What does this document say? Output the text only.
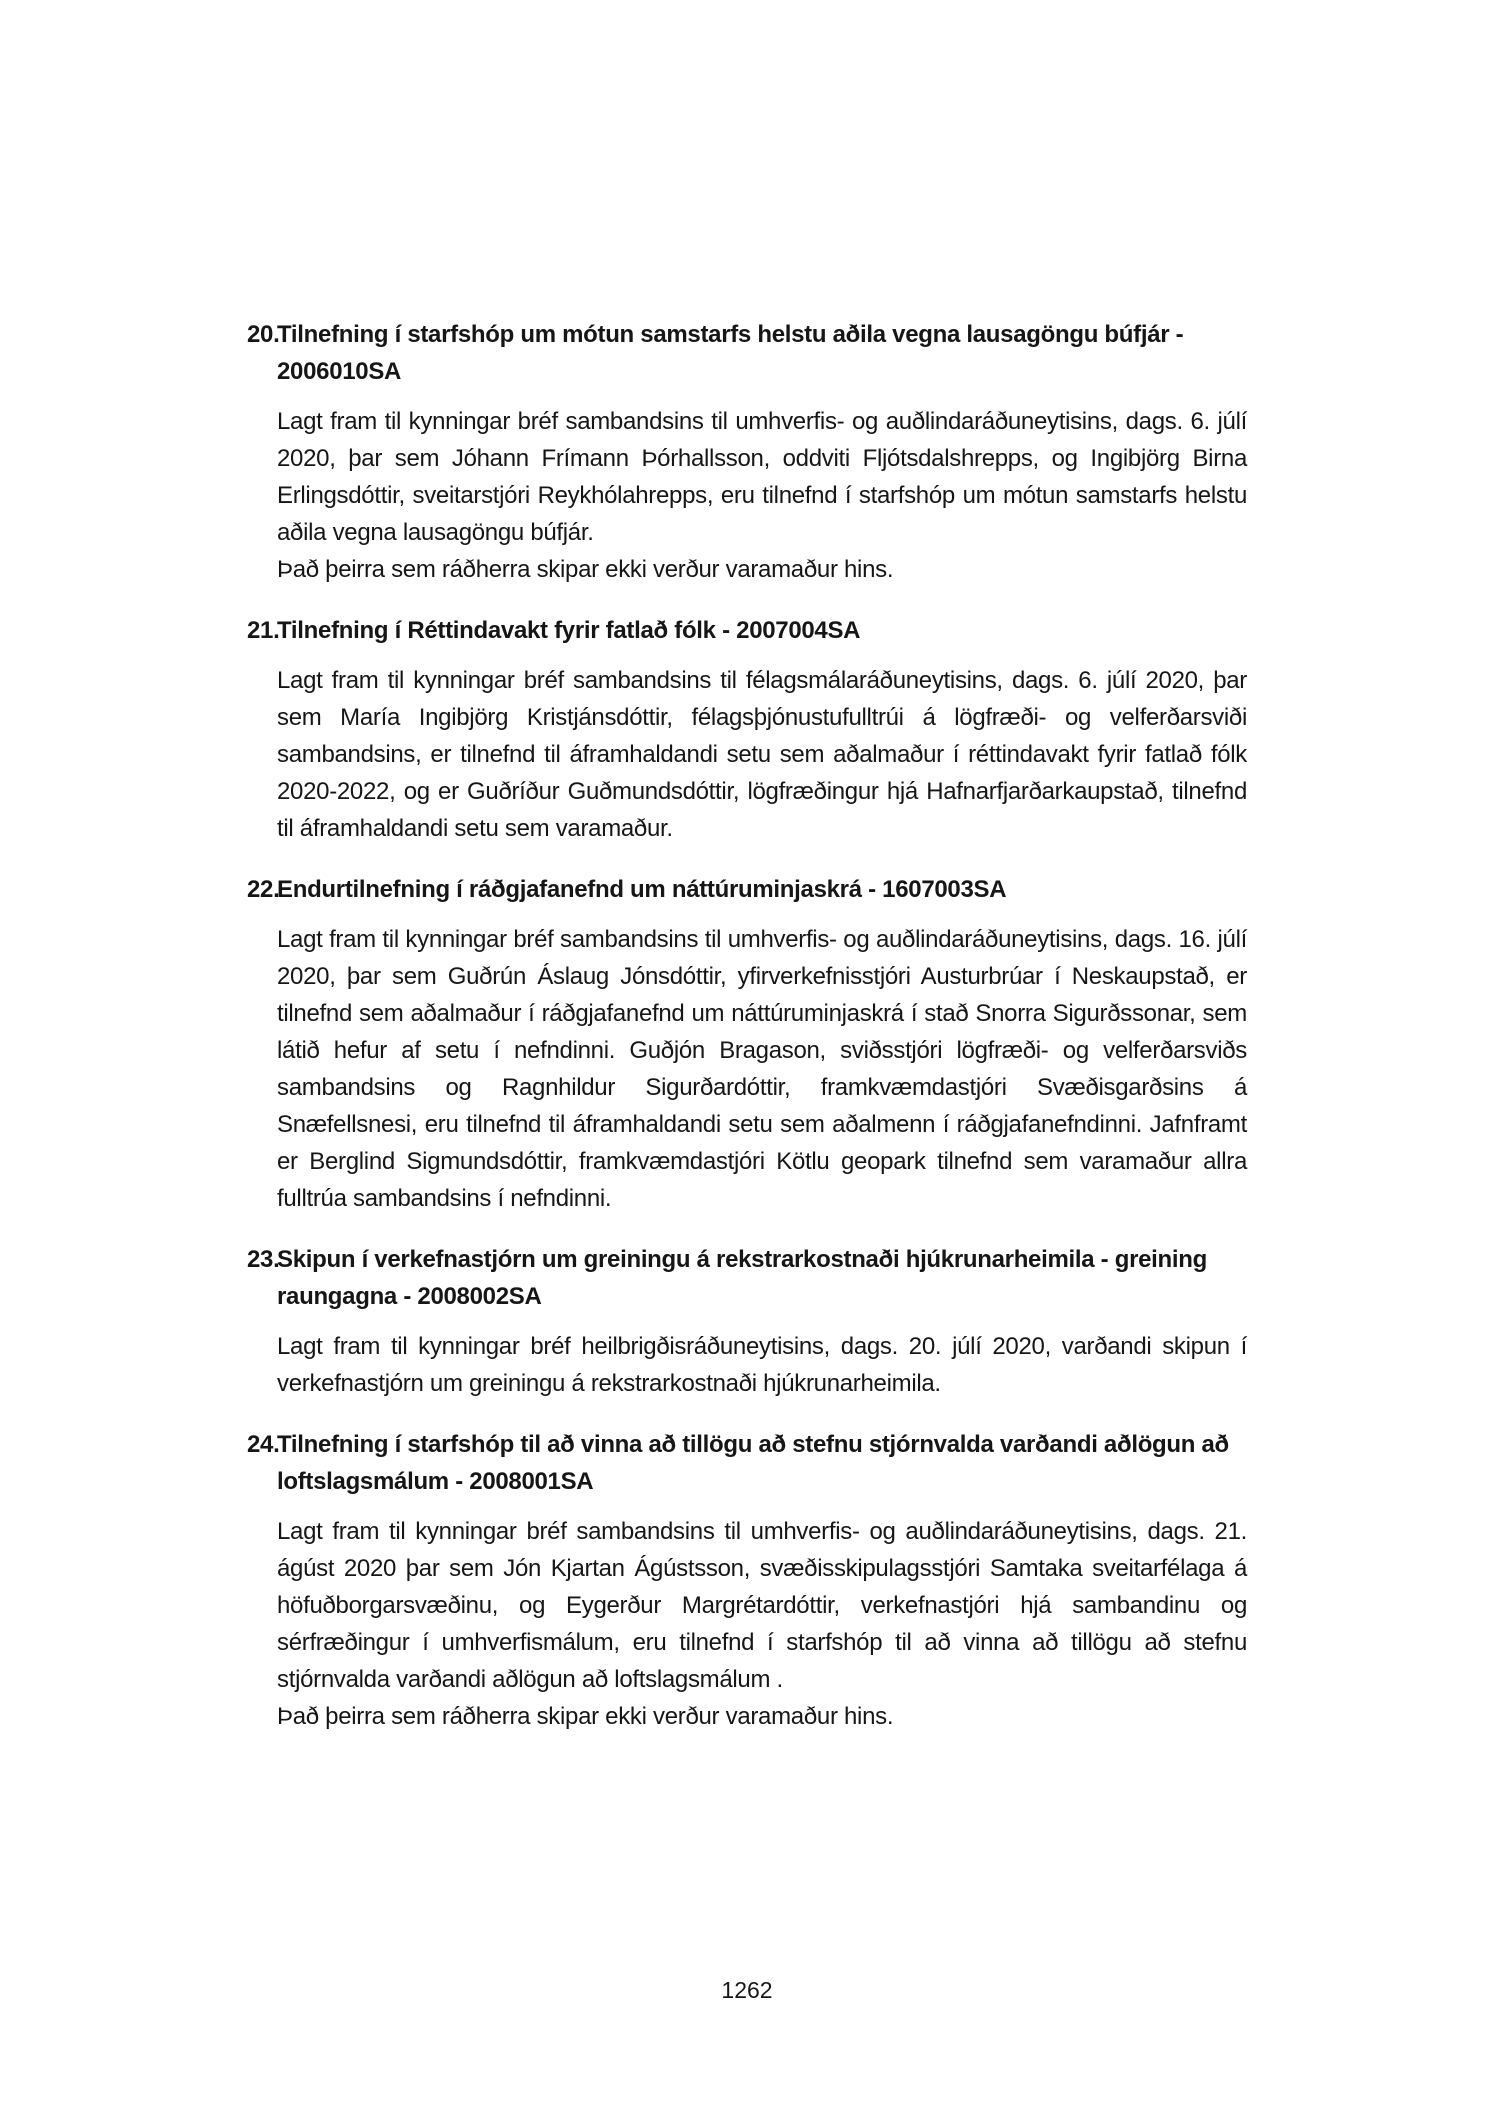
20.
Tilnefning í starfshóp um mótun samstarfs helstu aðila vegna lausagöngu búfjár - 2006010SA

Lagt fram til kynningar bréf sambandsins til umhverfis- og auðlindaráðuneytisins, dags. 6. júlí 2020, þar sem Jóhann Frímann Þórhallsson, oddviti Fljótsdalshrepps, og Ingibjörg Birna Erlingsdóttir, sveitarstjóri Reykhólahrepps, eru tilnefnd í starfshóp um mótun samstarfs helstu aðila vegna lausagöngu búfjár.

Það þeirra sem ráðherra skipar ekki verður varamaður hins.

21.
Tilnefning í Réttindavakt fyrir fatlað fólk - 2007004SA

Lagt fram til kynningar bréf sambandsins til félagsmálaráðuneytisins, dags. 6. júlí 2020, þar sem María Ingibjörg Kristjánsdóttir, félagsþjónustufulltrúi á lögfræði- og velferðarsviði sambandsins, er tilnefnd til áframhaldandi setu sem aðalmaður í réttindavakt fyrir fatlað fólk 2020-2022, og er Guðríður Guðmundsdóttir, lögfræðingur hjá Hafnarfjarðarkaupstað, tilnefnd til áframhaldandi setu sem varamaður.

22.
Endurtilnefning í ráðgjafanefnd um náttúruminjaskrá - 1607003SA

Lagt fram til kynningar bréf sambandsins til umhverfis- og auðlindaráðuneytisins, dags. 16. júlí 2020, þar sem Guðrún Áslaug Jónsdóttir, yfirverkefnisstjóri Austurbrúar í Neskaupstað, er tilnefnd sem aðalmaður í ráðgjafanefnd um náttúruminjaskrá í stað Snorra Sigurðssonar, sem látið hefur af setu í nefndinni. Guðjón Bragason, sviðsstjóri lögfræði- og velferðarsviðs sambandsins og Ragnhildur Sigurðardóttir, framkvæmdastjóri Svæðisgarðsins á Snæfellsnesi, eru tilnefnd til áframhaldandi setu sem aðalmenn í ráðgjafanefndinni. Jafnframt er Berglind Sigmundsdóttir, framkvæmdastjóri Kötlu geopark tilnefnd sem varamaður allra fulltrúa sambandsins í nefndinni.

23.
Skipun í verkefnastjórn um greiningu á rekstrarkostnaði hjúkrunarheimila - greining raungagna - 2008002SA

Lagt fram til kynningar bréf heilbrigðisráðuneytisins, dags. 20. júlí 2020, varðandi skipun í verkefnastjórn um greiningu á rekstrarkostnaði hjúkrunarheimila.

24.
Tilnefning í starfshóp til að vinna að tillögu að stefnu stjórnvalda varðandi aðlögun að loftslagsmálum - 2008001SA

Lagt fram til kynningar bréf sambandsins til umhverfis- og auðlindaráðuneytisins, dags. 21. ágúst 2020 þar sem Jón Kjartan Ágústsson, svæðisskipulagsstjóri Samtaka sveitarfélaga á höfuðborgarsvæðinu, og Eygerður Margrétardóttir, verkefnastjóri hjá sambandinu og sérfræðingur í umhverfismálum, eru tilnefnd í starfshóp til að vinna að tillögu að stefnu stjórnvalda varðandi aðlögun að loftslagsmálum .

Það þeirra sem ráðherra skipar ekki verður varamaður hins.

1262
